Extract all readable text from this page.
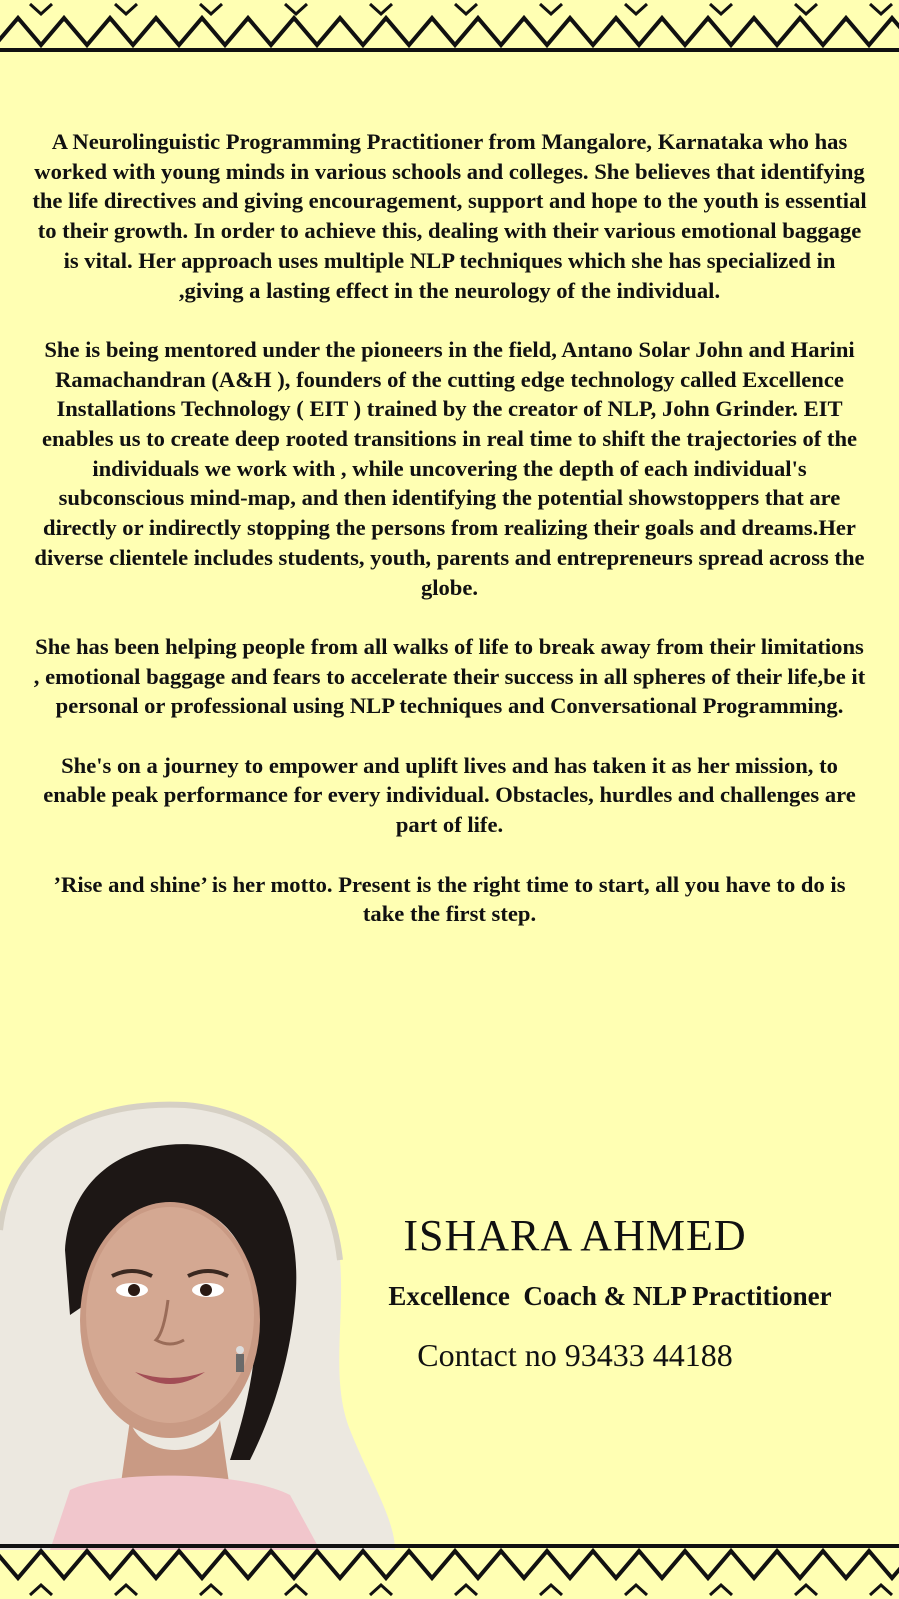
A Neurolinguistic Programming Practitioner from Mangalore, Karnataka who has worked with young minds in various schools and colleges. She believes that identifying the life directives and giving encouragement, support and hope to the youth is essential to their growth. In order to achieve this, dealing with their various emotional baggage is vital. Her approach uses multiple NLP techniques which she has specialized in ,giving a lasting effect in the neurology of the individual.

She is being mentored under the pioneers in the field, Antano Solar John and Harini Ramachandran (A&H ), founders of the cutting edge technology called Excellence Installations Technology ( EIT ) trained by the creator of NLP, John Grinder. EIT enables us to create deep rooted transitions in real time to shift the trajectories of the individuals we work with , while uncovering the depth of each individual's subconscious mind-map, and then identifying the potential showstoppers that are directly or indirectly stopping the persons from realizing their goals and dreams.Her diverse clientele includes students, youth, parents and entrepreneurs spread across the globe.

She has been helping people from all walks of life to break away from their limitations , emotional baggage and fears to accelerate their success in all spheres of their life,be it personal or professional using NLP techniques and Conversational Programming.

She's on a journey to empower and uplift lives and has taken it as her mission, to enable peak performance for every individual. Obstacles, hurdles and challenges are part of life.

’Rise and shine’ is her motto. Present is the right time to start, all you have to do is take the first step.

ISHARA AHMED
Excellence  Coach & NLP Practitioner
Contact no 93433 44188
